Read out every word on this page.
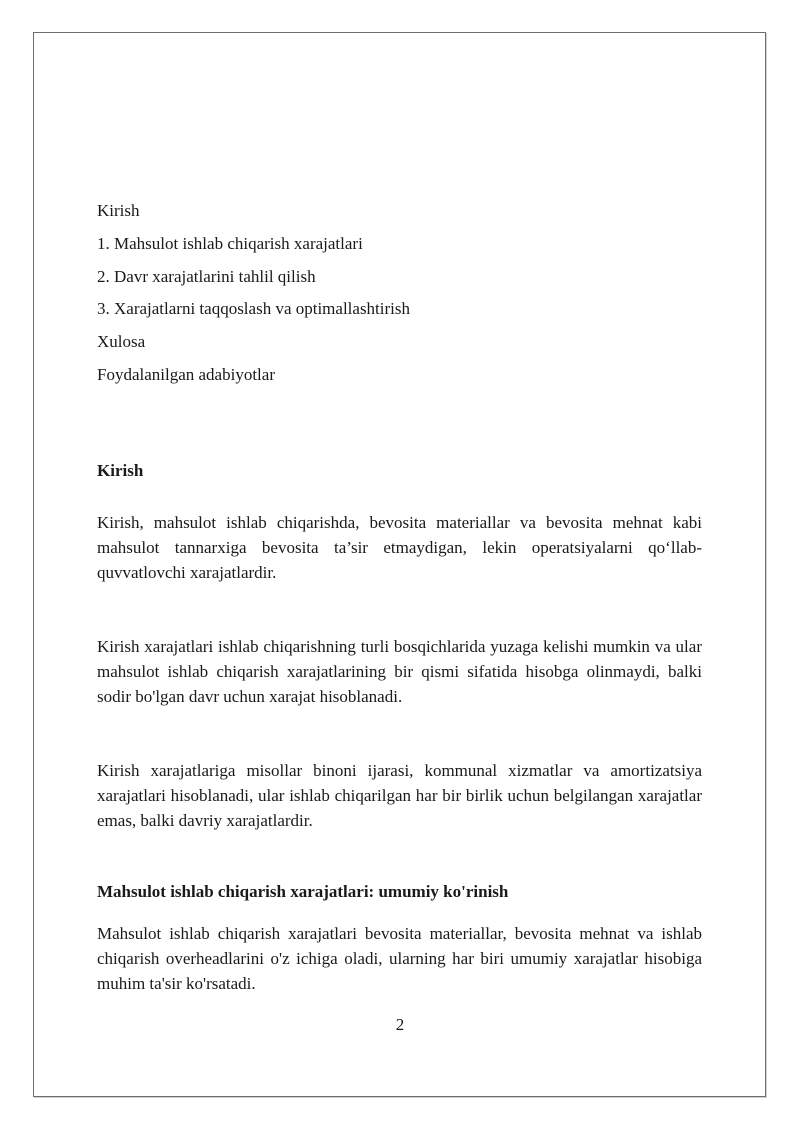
Kirish
1. Mahsulot ishlab chiqarish xarajatlari
2. Davr xarajatlarini tahlil qilish
3. Xarajatlarni taqqoslash va optimallashtirish
Xulosa
Foydalanilgan adabiyotlar
Kirish

Kirish, mahsulot ishlab chiqarishda, bevosita materiallar va bevosita mehnat kabi mahsulot tannarxiga bevosita ta’sir etmaydigan, lekin operatsiyalarni qo‘llab-quvvatlovchi xarajatlardir.

Kirish xarajatlari ishlab chiqarishning turli bosqichlarida yuzaga kelishi mumkin va ular mahsulot ishlab chiqarish xarajatlarining bir qismi sifatida hisobga olinmaydi, balki sodir bo'lgan davr uchun xarajat hisoblanadi.

Kirish xarajatlariga misollar binoni ijarasi, kommunal xizmatlar va amortizatsiya xarajatlari hisoblanadi, ular ishlab chiqarilgan har bir birlik uchun belgilangan xarajatlar emas, balki davriy xarajatlardir.

Mahsulot ishlab chiqarish xarajatlari: umumiy ko'rinish

Mahsulot ishlab chiqarish xarajatlari bevosita materiallar, bevosita mehnat va ishlab chiqarish overheadlarini o'z ichiga oladi, ularning har biri umumiy xarajatlar hisobiga muhim ta'sir ko'rsatadi.

2
